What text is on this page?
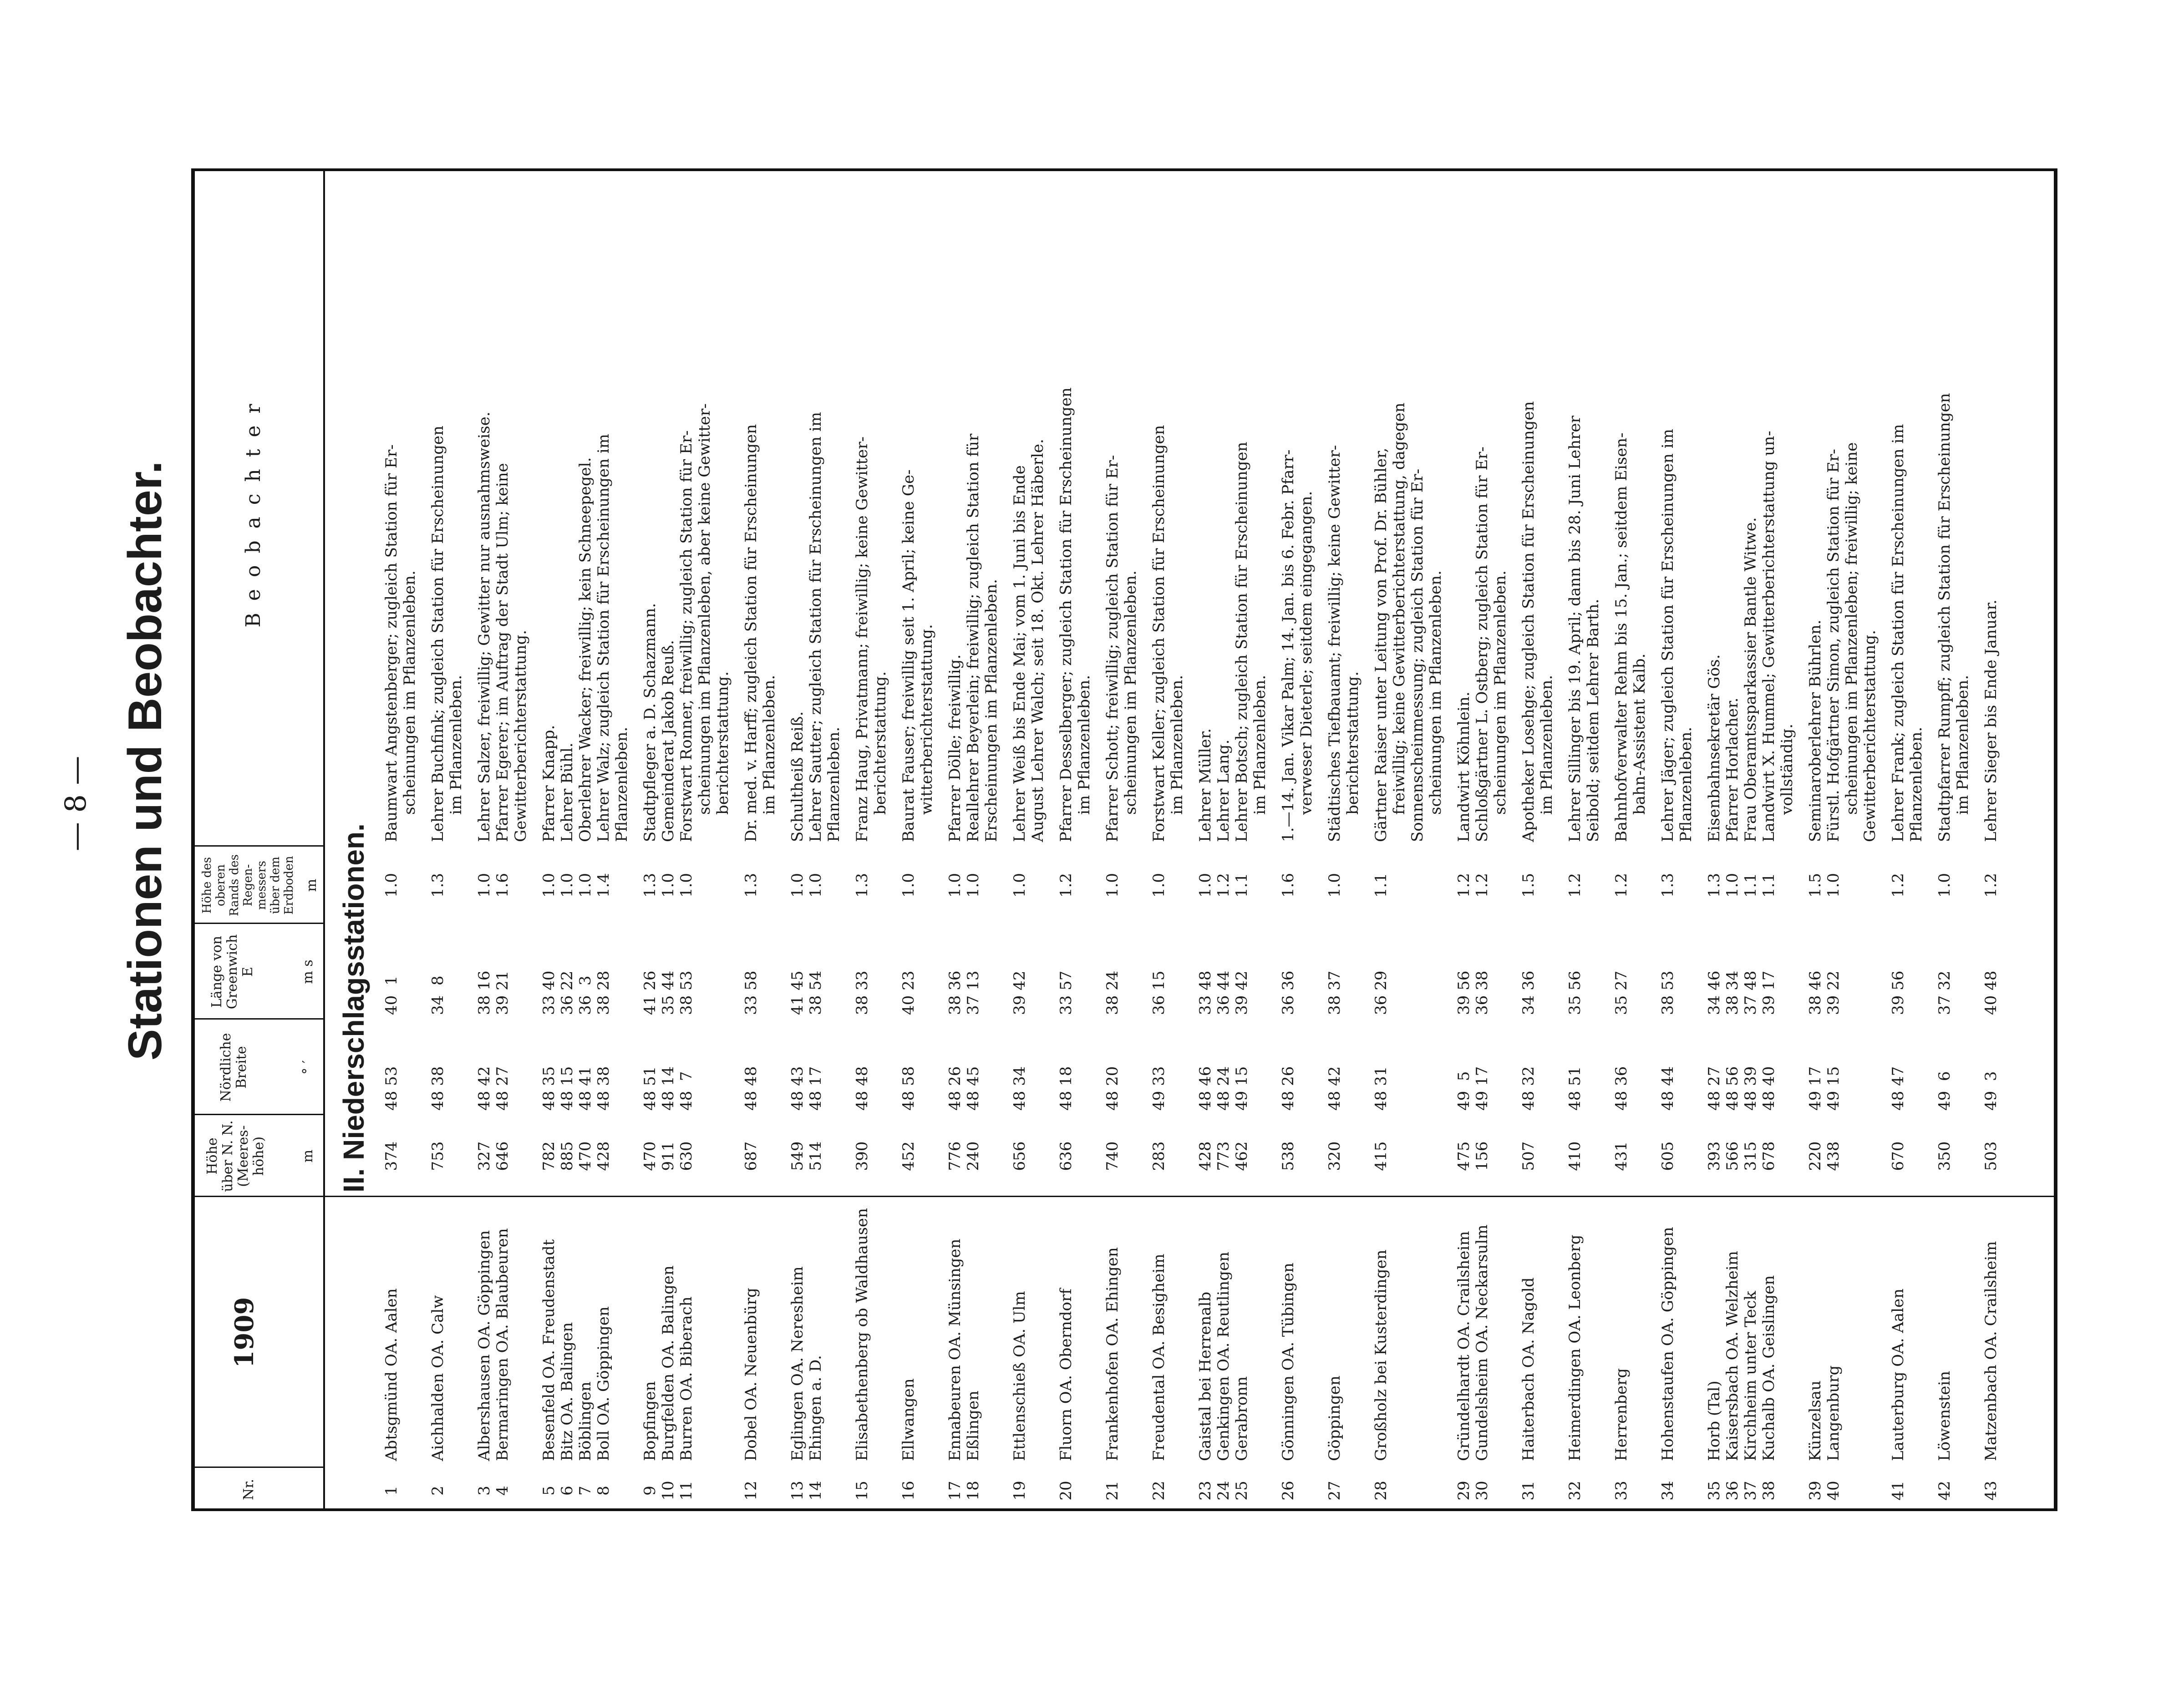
— 8 — Stationen und Beobachter.
Nr.
1909
Höhe über N. N. (Meeres-höhe) m
Nördliche Breite	° ′
Länge von Greenwich E	m s
Höhe des oberen Rands des Regen-messers über dem Erdboden m
Beobachter
II. Niederschlagsstationen.
1
Abtsgmünd OA. Aalen
374
48 53
40  1
1.0
Baumwart Angstenberger; zugleich Station für Er- scheinungen im Pflanzenleben.
2
Aichhalden OA. Calw
753
48 38
34  8
1.3
Lehrer Buchfink; zugleich Station für Erscheinungen im Pflanzenleben.
3
4
Albershausen OA. Göppingen
Bermaringen OA. Blaubeuren
327
646
48 42
48 27
38 16
39 21
1.0
1.6
Lehrer Salzer, freiwillig; Gewitter nur ausnahmsweise. Pfarrer Egerer; im Auftrag der Stadt Ulm; keine Gewitterberichterstattung.
5
6
7
8
Besenfeld OA. Freudenstadt
Bitz OA. Balingen
Böblingen
Boll OA. Göppingen
782
885
470
428
48 35
48 15
48 41
48 38
33 40
36 22
36  3
38 28
1.0
1.0
1.0
1.4
Pfarrer Knapp. Lehrer Bühl. Oberlehrer Wacker; freiwillig; kein Schneepegel. Lehrer Walz; zugleich Station für Erscheinungen im Pflanzenleben.
9
10
11
Bopfingen
Burgfelden OA. Balingen
Burren OA. Biberach
470
911
630
48 51
48 14
48  7
41 26
35 44
38 53
1.3
1.0
1.0
Stadtpfleger a. D. Schazmann. Gemeinderat Jakob Reuß. Forstwart Ronner, freiwillig; zugleich Station für Er- scheinungen im Pflanzenleben, aber keine Gewitter- berichterstattung.
12
Dobel OA. Neuenbürg
687
48 48
33 58
1.3
Dr. med. v. Harff; zugleich Station für Erscheinungen im Pflanzenleben.
13
14
Eglingen OA. Neresheim
Ehingen a. D.
549
514
48 43
48 17
41 45
38 54
1.0
1.0
Schultheiß Reiß. Lehrer Sautter; zugleich Station für Erscheinungen im Pflanzenleben.
15
Elisabethenberg ob Waldhausen
390
48 48
38 33
1.3
Franz Haug, Privatmann; freiwillig; keine Gewitter- berichterstattung.
16
Ellwangen
452
48 58
40 23
1.0
Baurat Fauser; freiwillig seit 1. April; keine Ge- witterberichterstattung.
17
18
Ennabeuren OA. Münsingen
Eßlingen
776
240
48 26
48 45
38 36
37 13
1.0
1.0
Pfarrer Dölle; freiwillig. Reallehrer Beyerlein; freiwillig; zugleich Station für Erscheinungen im Pflanzenleben.
19
Ettlenschieß OA. Ulm
656
48 34
39 42
1.0
Lehrer Weiß bis Ende Mai; vom 1. Juni bis Ende August Lehrer Walch; seit 18. Okt. Lehrer Häberle.
20
Fluorn OA. Oberndorf
636
48 18
33 57
1.2
Pfarrer Desselberger; zugleich Station für Erscheinungen im Pflanzenleben.
21
Frankenhofen OA. Ehingen
740
48 20
38 24
1.0
Pfarrer Schott; freiwillig; zugleich Station für Er- scheinungen im Pflanzenleben.
22
Freudental OA. Besigheim
283
49 33
36 15
1.0
Forstwart Keller; zugleich Station für Erscheinungen im Pflanzenleben.
23
24
25
Gaistal bei Herrenalb
Genkingen OA. Reutlingen
Gerabronn
428
773
462
48 46
48 24
49 15
33 48
36 44
39 42
1.0
1.2
1.1
Lehrer Müller. Lehrer Lang. Lehrer Botsch; zugleich Station für Erscheinungen im Pflanzenleben.
26
Gönningen OA. Tübingen
538
48 26
36 36
1.6
1.—14. Jan. Vikar Palm; 14. Jan. bis 6. Febr. Pfarr- verweser Dieterle; seitdem eingegangen.
27
Göppingen
320
48 42
38 37
1.0
Städtisches Tiefbauamt; freiwillig; keine Gewitter- berichterstattung.
28
Großholz bei Kusterdingen
415
48 31
36 29
1.1
Gärtner Raiser unter Leitung von Prof. Dr. Bühler, freiwillig; keine Gewitterberichterstattung, dagegen Sonnenscheinmessung; zugleich Station für Er- scheinungen im Pflanzenleben.
29
30
Gründelhardt OA. Crailsheim
Gundelsheim OA. Neckarsulm
475
156
49  5
49 17
39 56
36 38
1.2
1.2
Landwirt Köhnlein. Schloßgärtner L. Ostberg; zugleich Station für Er- scheinungen im Pflanzenleben.
31
Haiterbach OA. Nagold
507
48 32
34 36
1.5
Apotheker Losehge; zugleich Station für Erscheinungen im Pflanzenleben.
32
Heimerdingen OA. Leonberg
410
48 51
35 56
1.2
Lehrer Sillinger bis 19. April; dann bis 28. Juni Lehrer Seibold; seitdem Lehrer Barth.
33
Herrenberg
431
48 36
35 27
1.2
Bahnhofverwalter Rehm bis 15. Jan.; seitdem Eisen- bahn-Assistent Kalb.
34
Hohenstaufen OA. Göppingen
605
48 44
38 53
1.3
Lehrer Jäger; zugleich Station für Erscheinungen im Pflanzenleben.
35
36
37
38
Horb (Tal)
Kaisersbach OA. Welzheim
Kirchheim unter Teck
Kuchalb OA. Geislingen
393
566
315
678
48 27
48 56
48 39
48 40
34 46
38 34
37 48
39 17
1.3
1.0
1.1
1.1
Eisenbahnsekretär Gös. Pfarrer Horlacher. Frau Oberamtssparkassier Bantle Witwe. Landwirt X. Hummel; Gewitterberichterstattung un- vollständig.
39
40
Künzelsau
Langenburg
220
438
49 17
49 15
38 46
39 22
1.5
1.0
Seminaroberlehrer Bührlen. Fürstl. Hofgärtner Simon, zugleich Station für Er- scheinungen im Pflanzenleben; freiwillig; keine Gewitterberichterstattung.
41
Lauterburg OA. Aalen
670
48 47
39 56
1.2
Lehrer Frank; zugleich Station für Erscheinungen im Pflanzenleben.
42
Löwenstein
350
49  6
37 32
1.0
Stadtpfarrer Rumpff; zugleich Station für Erscheinungen im Pflanzenleben.
43
Matzenbach OA. Crailsheim
503
49  3
40 48
1.2
Lehrer Sieger bis Ende Januar.
